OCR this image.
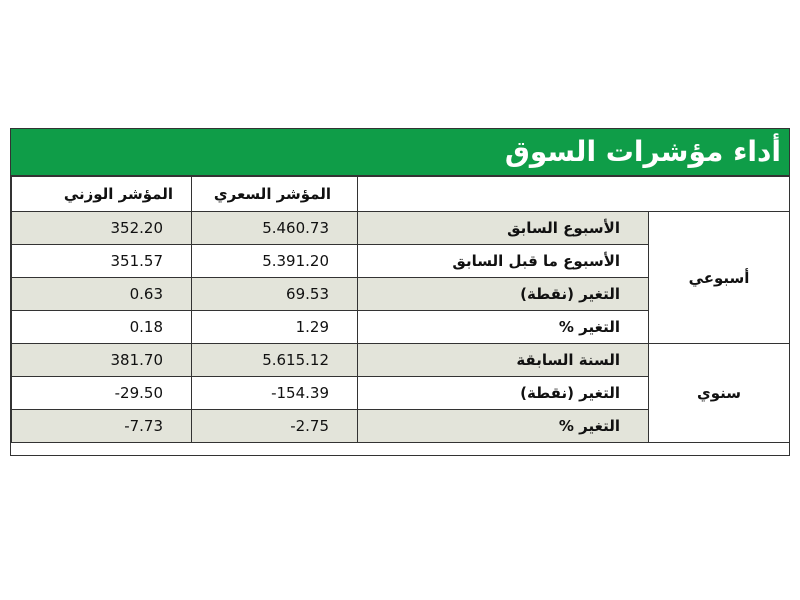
أداء مؤشرات السوق
المؤشر الوزني	المؤشر السعري		
352.20	5.460.73	الأسبوع السابق	أسبوعي
351.57	5.391.20	الأسبوع ما قبل السابق	
0.63	69.53	التغير (نقطة)	
0.18	1.29	التغير %	
381.70	5.615.12	السنة السابقة	سنوي
-29.50	-154.39	التغير (نقطة)	
-7.73	-2.75	التغير %	
